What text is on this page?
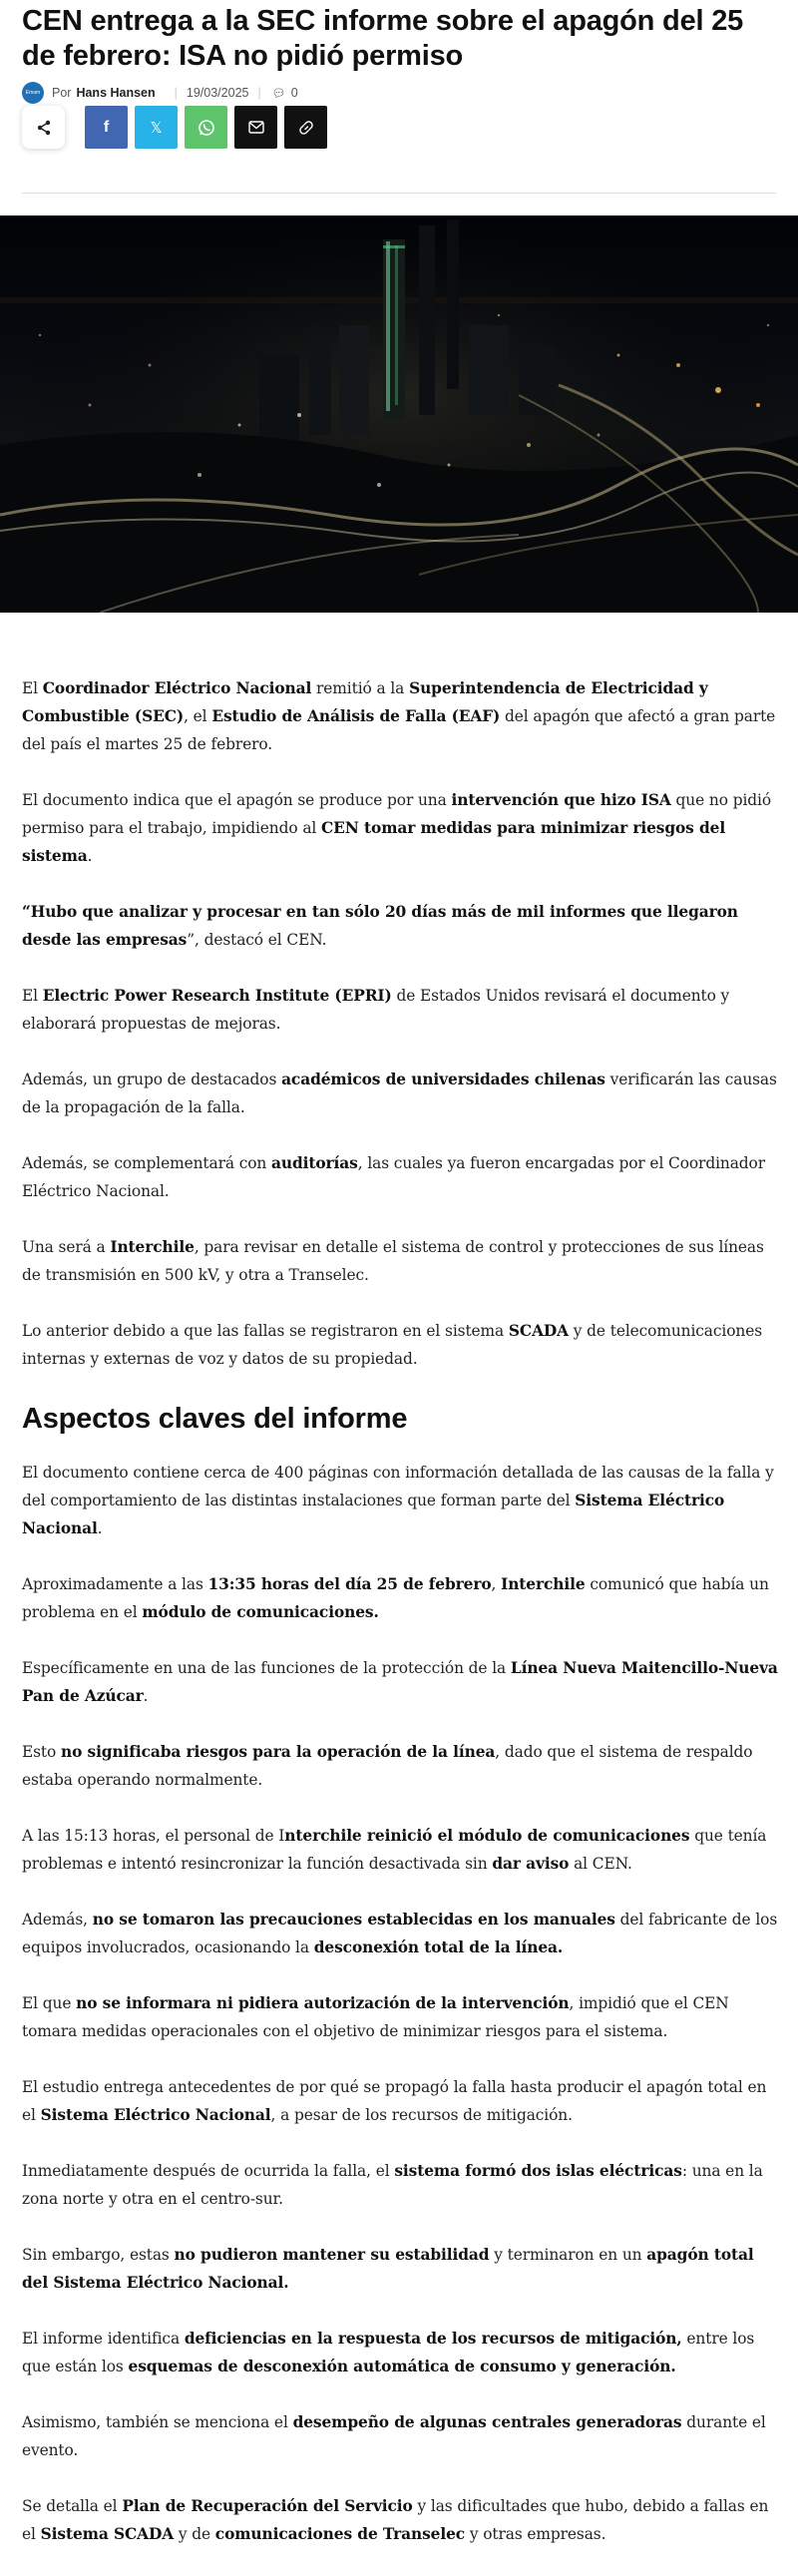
CEN entrega a la SEC informe sobre el apagón del 25 de febrero: ISA no pidió permiso
Emam Por Hans Hansen | 19/03/2025 | 💬︎ 0
f	𝕏

El Coordinador Eléctrico Nacional remitió a la Superintendencia de Electricidad y Combustible (SEC), el Estudio de Análisis de Falla (EAF) del apagón que afectó a gran parte del país el martes 25 de febrero.

El documento indica que el apagón se produce por una intervención que hizo ISA que no pidió permiso para el trabajo, impidiendo al CEN tomar medidas para minimizar riesgos del sistema.

“Hubo que analizar y procesar en tan sólo 20 días más de mil informes que llegaron desde las empresas”, destacó el CEN.

El Electric Power Research Institute (EPRI) de Estados Unidos revisará el documento y elaborará propuestas de mejoras.

Además, un grupo de destacados académicos de universidades chilenas verificarán las causas de la propagación de la falla.

Además, se complementará con auditorías, las cuales ya fueron encargadas por el Coordinador Eléctrico Nacional.

Una será a Interchile, para revisar en detalle el sistema de control y protecciones de sus líneas de transmisión en 500 kV, y otra a Transelec.

Lo anterior debido a que las fallas se registraron en el sistema SCADA y de telecomunicaciones internas y externas de voz y datos de su propiedad.

Aspectos claves del informe

El documento contiene cerca de 400 páginas con información detallada de las causas de la falla y del comportamiento de las distintas instalaciones que forman parte del Sistema Eléctrico Nacional.

Aproximadamente a las 13:35 horas del día 25 de febrero, Interchile comunicó que había un problema en el módulo de comunicaciones.

Específicamente en una de las funciones de la protección de la Línea Nueva Maitencillo-Nueva Pan de Azúcar.

Esto no significaba riesgos para la operación de la línea, dado que el sistema de respaldo estaba operando normalmente.

A las 15:13 horas, el personal de Interchile reinició el módulo de comunicaciones que tenía problemas e intentó resincronizar la función desactivada sin dar aviso al CEN.

Además, no se tomaron las precauciones establecidas en los manuales del fabricante de los equipos involucrados, ocasionando la desconexión total de la línea.

El que no se informara ni pidiera autorización de la intervención, impidió que el CEN tomara medidas operacionales con el objetivo de minimizar riesgos para el sistema.

El estudio entrega antecedentes de por qué se propagó la falla hasta producir el apagón total en el Sistema Eléctrico Nacional, a pesar de los recursos de mitigación.

Inmediatamente después de ocurrida la falla, el sistema formó dos islas eléctricas: una en la zona norte y otra en el centro-sur.

Sin embargo, estas no pudieron mantener su estabilidad y terminaron en un apagón total del Sistema Eléctrico Nacional.

El informe identifica deficiencias en la respuesta de los recursos de mitigación, entre los que están los esquemas de desconexión automática de consumo y generación.

Asimismo, también se menciona el desempeño de algunas centrales generadoras durante el evento.

Se detalla el Plan de Recuperación del Servicio y las dificultades que hubo, debido a fallas en el Sistema SCADA y de comunicaciones de Transelec y otras empresas.
